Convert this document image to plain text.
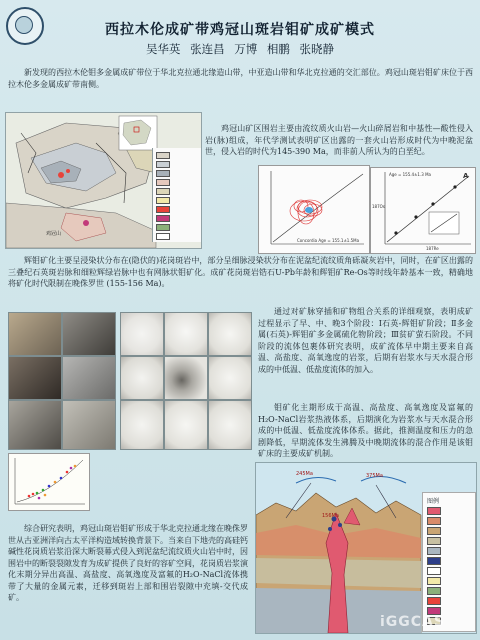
西拉木伦成矿带鸡冠山斑岩钼矿成矿模式
吴华英 张连昌 万博 相鹏 张晓静
新发现的西拉木伦钼多金属成矿带位于华北克拉通北缘造山带，中亚造山带和华北克拉通的交汇部位。鸡冠山斑岩钼矿床位于西拉木伦多金属成矿带南侧。
鸡冠山
鸡冠山矿区围岩主要由流纹质火山岩—火山碎屑岩和中基性—酸性侵入岩(脉)组成，年代学测试表明矿区出露的一套火山岩形成时代为中晚泥盆世，侵入岩的时代为145-390 Ma，而非前人所认为的白垩纪。
Concordia Age = 155.1±1.5Ma
Age = 155.4±1.3 Ma	A
187Os
187Re
辉钼矿化主要呈浸染状分布在(隐伏的)花岗斑岩中，部分呈细脉浸染状分布在泥盆纪流纹质角砾凝灰岩中，同时，在矿区出露的三叠纪石英斑岩脉和细粒辉绿岩脉中也有网脉状钼矿化。成矿花岗斑岩锆石U-Pb年龄和辉钼矿Re-Os等时线年龄基本一致，精确地将矿化时代限制在晚侏罗世 (155-156 Ma)。
通过对矿脉穿插和矿物组合关系的详细观察，表明成矿过程显示了早、中、晚3个阶段：Ⅰ石英-辉钼矿阶段；Ⅱ多金属(石英)-辉钼矿多金属硫化物阶段；Ⅲ贫矿萤石阶段。不同阶段的流体包裹体研究表明，成矿流体早中期主要来自高温、高盐度、高氧逸度的岩浆，后期有岩浆水与天水混合形成的中低温、低盐度流体的加入。
钼矿化主期形成于高温、高盐度、高氧逸度及富氟的H₂O-NaCl岩浆热液体系，后期演化为岩浆水与天水混合形成的中低温、低盐度流体体系。据此，推测温度和压力的急剧降低，早期流体发生沸腾及中晚期流体的混合作用是该钼矿床的主要成矿机制。
综合研究表明，鸡冠山斑岩钼矿形成于华北克拉通北缘在晚侏罗世从古亚洲洋向古太平洋构造域转换背景下。当来自下地壳的高硅钙碱性花岗质岩浆沿深大断裂幕式侵入到泥盆纪流纹质火山岩中时，因围岩中的断裂裂隙发育为成矿提供了良好的容矿空间，花岗质岩浆演化末期分异出高温、高盐度、高氧逸度及富氟的H₂O-NaCl流体携带了大量的金属元素，迁移到斑岩上部和围岩裂隙中充填-交代成矿。
245Ma
156Ma
375Ma
图例
iGGCAS
